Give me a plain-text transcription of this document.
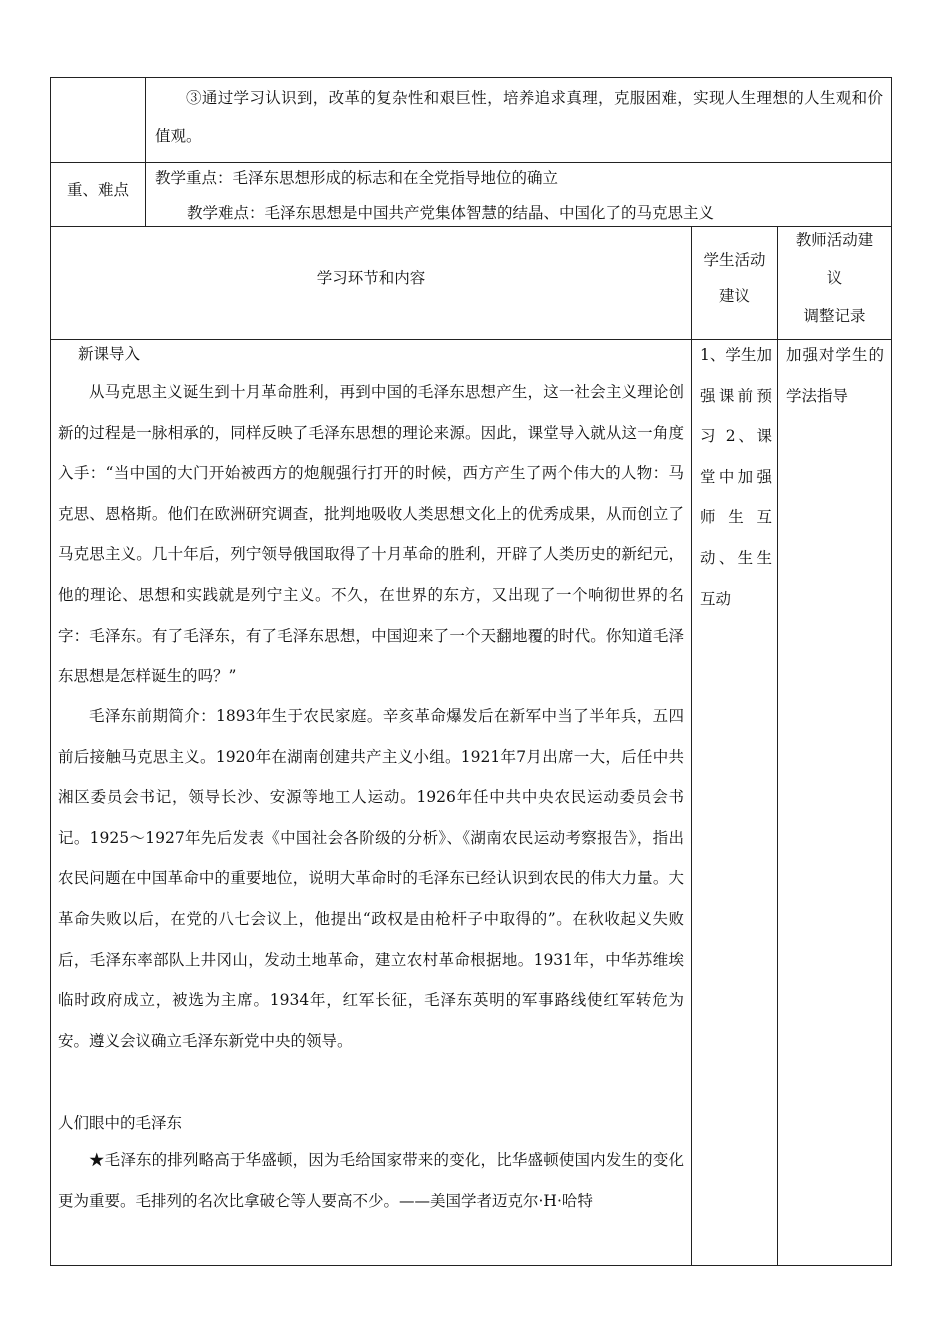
③通过学习认识到，改革的复杂性和艰巨性，培养追求真理，克服困难，实现人生理想的人生观和价值观。

重、难点
教学重点：毛泽东思想形成的标志和在全党指导地位的确立
教学难点：毛泽东思想是中国共产党集体智慧的结晶、中国化了的马克思主义
学习环节和内容
学生活动
建议
教师活动建
议
调整记录
新课导入

从马克思主义诞生到十月革命胜利，再到中国的毛泽东思想产生，这一社会主义理论创新的过程是一脉相承的，同样反映了毛泽东思想的理论来源。因此，课堂导入就从这一角度入手：“当中国的大门开始被西方的炮舰强行打开的时候，西方产生了两个伟大的人物：马克思、恩格斯。他们在欧洲研究调查，批判地吸收人类思想文化上的优秀成果，从而创立了马克思主义。几十年后，列宁领导俄国取得了十月革命的胜利，开辟了人类历史的新纪元，他的理论、思想和实践就是列宁主义。不久，在世界的东方，又出现了一个响彻世界的名字：毛泽东。有了毛泽东，有了毛泽东思想，中国迎来了一个天翻地覆的时代。你知道毛泽东思想是怎样诞生的吗？”

毛泽东前期简介：1893年生于农民家庭。辛亥革命爆发后在新军中当了半年兵，五四前后接触马克思主义。1920年在湖南创建共产主义小组。1921年7月出席一大，后任中共湘区委员会书记，领导长沙、安源等地工人运动。1926年任中共中央农民运动委员会书记。1925～1927年先后发表《中国社会各阶级的分析》、《湖南农民运动考察报告》，指出农民问题在中国革命中的重要地位，说明大革命时的毛泽东已经认识到农民的伟大力量。大革命失败以后，在党的八七会议上，他提出“政权是由枪杆子中取得的”。在秋收起义失败后，毛泽东率部队上井冈山，发动土地革命，建立农村革命根据地。1931年，中华苏维埃临时政府成立，被选为主席。1934年，红军长征，毛泽东英明的军事路线使红军转危为安。遵义会议确立毛泽东新党中央的领导。

人们眼中的毛泽东

★毛泽东的排列略高于华盛顿，因为毛给国家带来的变化，比华盛顿使国内发生的变化更为重要。毛排列的名次比拿破仑等人要高不少。——美国学者迈克尔·H·哈特

1、学生加强课前预习 2、课堂中加强师生互动、生生互动

加强对学生的学法指导
